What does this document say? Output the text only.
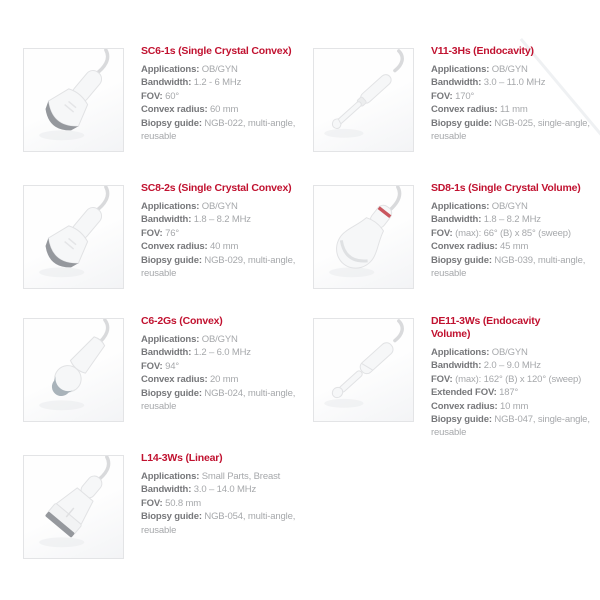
SC6-1s (Single Crystal Convex)
Applications: OB/GYN
Bandwidth: 1.2 - 6 MHz
FOV: 60°
Convex radius: 60 mm
Biopsy guide: NGB-022, multi-angle, reusable
V11-3Hs (Endocavity)
Applications: OB/GYN
Bandwidth: 3.0 – 11.0 MHz
FOV: 170°
Convex radius: 11 mm
Biopsy guide: NGB-025, single-angle, reusable
SC8-2s (Single Crystal Convex)
Applications: OB/GYN
Bandwidth: 1.8 – 8.2 MHz
FOV: 76°
Convex radius: 40 mm
Biopsy guide: NGB-029, multi-angle, reusable
SD8-1s (Single Crystal Volume)
Applications: OB/GYN
Bandwidth: 1.8 – 8.2 MHz
FOV: (max): 66° (B) x 85° (sweep)
Convex radius: 45 mm
Biopsy guide: NGB-039, multi-angle, reusable
C6-2Gs (Convex)
Applications: OB/GYN
Bandwidth: 1.2 – 6.0 MHz
FOV: 94°
Convex radius: 20 mm
Biopsy guide: NGB-024, multi-angle, reusable
DE11-3Ws (Endocavity Volume)
Applications: OB/GYN
Bandwidth: 2.0 – 9.0 MHz
FOV: (max): 162° (B) x 120° (sweep)
Extended FOV: 187°
Convex radius: 10 mm
Biopsy guide: NGB-047, single-angle, reusable
L14-3Ws (Linear)
Applications: Small Parts, Breast
Bandwidth: 3.0 – 14.0 MHz
FOV: 50.8 mm
Biopsy guide: NGB-054, multi-angle, reusable
